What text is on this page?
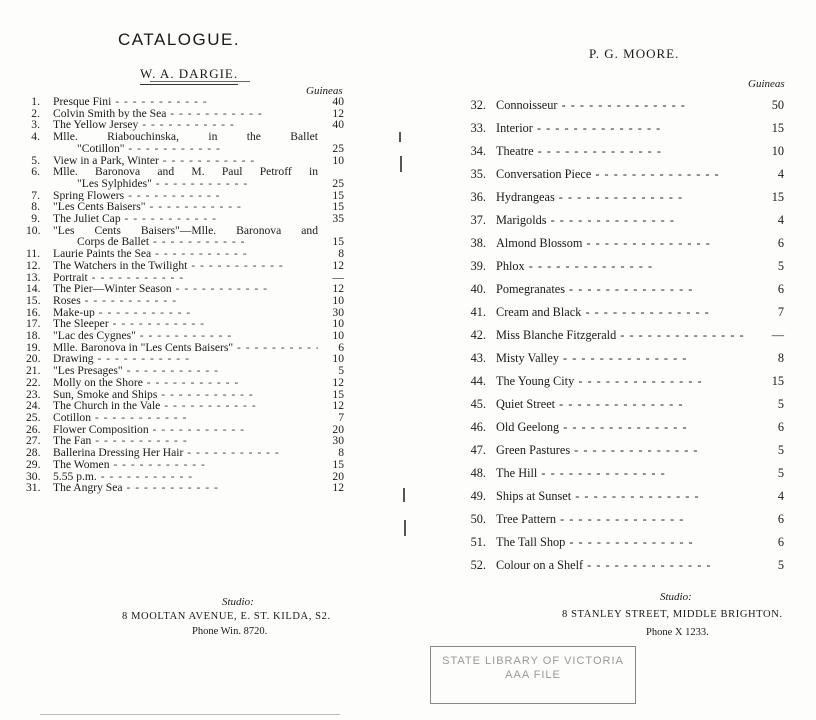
CATALOGUE.
W. A. DARGIE.
Guineas
1. Presque Fini - -	40
2. Colvin Smith by the Sea - -	12
3. The Yellow Jersey - -	40
4. Mlle. Riabouchinska, in the Ballet
"Cotillon" - -	25
5. View in a Park, Winter - -	10
6. Mlle. Baronova and M. Paul Petroff in
"Les Sylphides" - -	25
7. Spring Flowers - -	15
8. "Les Cents Baisers" - -	15
9. The Juliet Cap - -	35
10. "Les Cents Baisers"—Mlle. Baronova and
Corps de Ballet - -	15
11. Laurie Paints the Sea - -	8
12. The Watchers in the Twilight - -	12
13. Portrait - -	—
14. The Pier—Winter Season - -	12
15. Roses - -	10
16. Make-up - -	30
17. The Sleeper - -	10
18. "Lac des Cygnes" - -	10
19. Mlle. Baronova in "Les Cents Baisers" - -	6
20. Drawing - -	10
21. "Les Presages" - -	5
22. Molly on the Shore - -	12
23. Sun, Smoke and Ships - -	15
24. The Church in the Vale - -	12
25. Cotillon - -	7
26. Flower Composition - -	20
27. The Fan - -	30
28. Ballerina Dressing Her Hair - -	8
29. The Women - -	15
30. 5.55 p.m. - -	20
31. The Angry Sea - -	12
P. G. MOORE.
Guineas
32. Connoisseur - -	50
33. Interior - -	15
34. Theatre - -	10
35. Conversation Piece - -	4
36. Hydrangeas - -	15
37. Marigolds - -	4
38. Almond Blossom - -	6
39. Phlox - -	5
40. Pomegranates - -	6
41. Cream and Black - -	7
42. Miss Blanche Fitzgerald - -	—
43. Misty Valley - -	8
44. The Young City - -	15
45. Quiet Street - -	5
46. Old Geelong - -	6
47. Green Pastures - -	5
48. The Hill - -	5
49. Ships at Sunset - -	4
50. Tree Pattern - -	6
51. The Tall Shop - -	6
52. Colour on a Shelf - -	5
Studio:
8 MOOLTAN AVENUE, E. ST. KILDA, S2.
Phone Win. 8720.
Studio:
8 STANLEY STREET, MIDDLE BRIGHTON.
Phone X 1233.
STATE LIBRARY OF VICTORIA
AAA FILE
